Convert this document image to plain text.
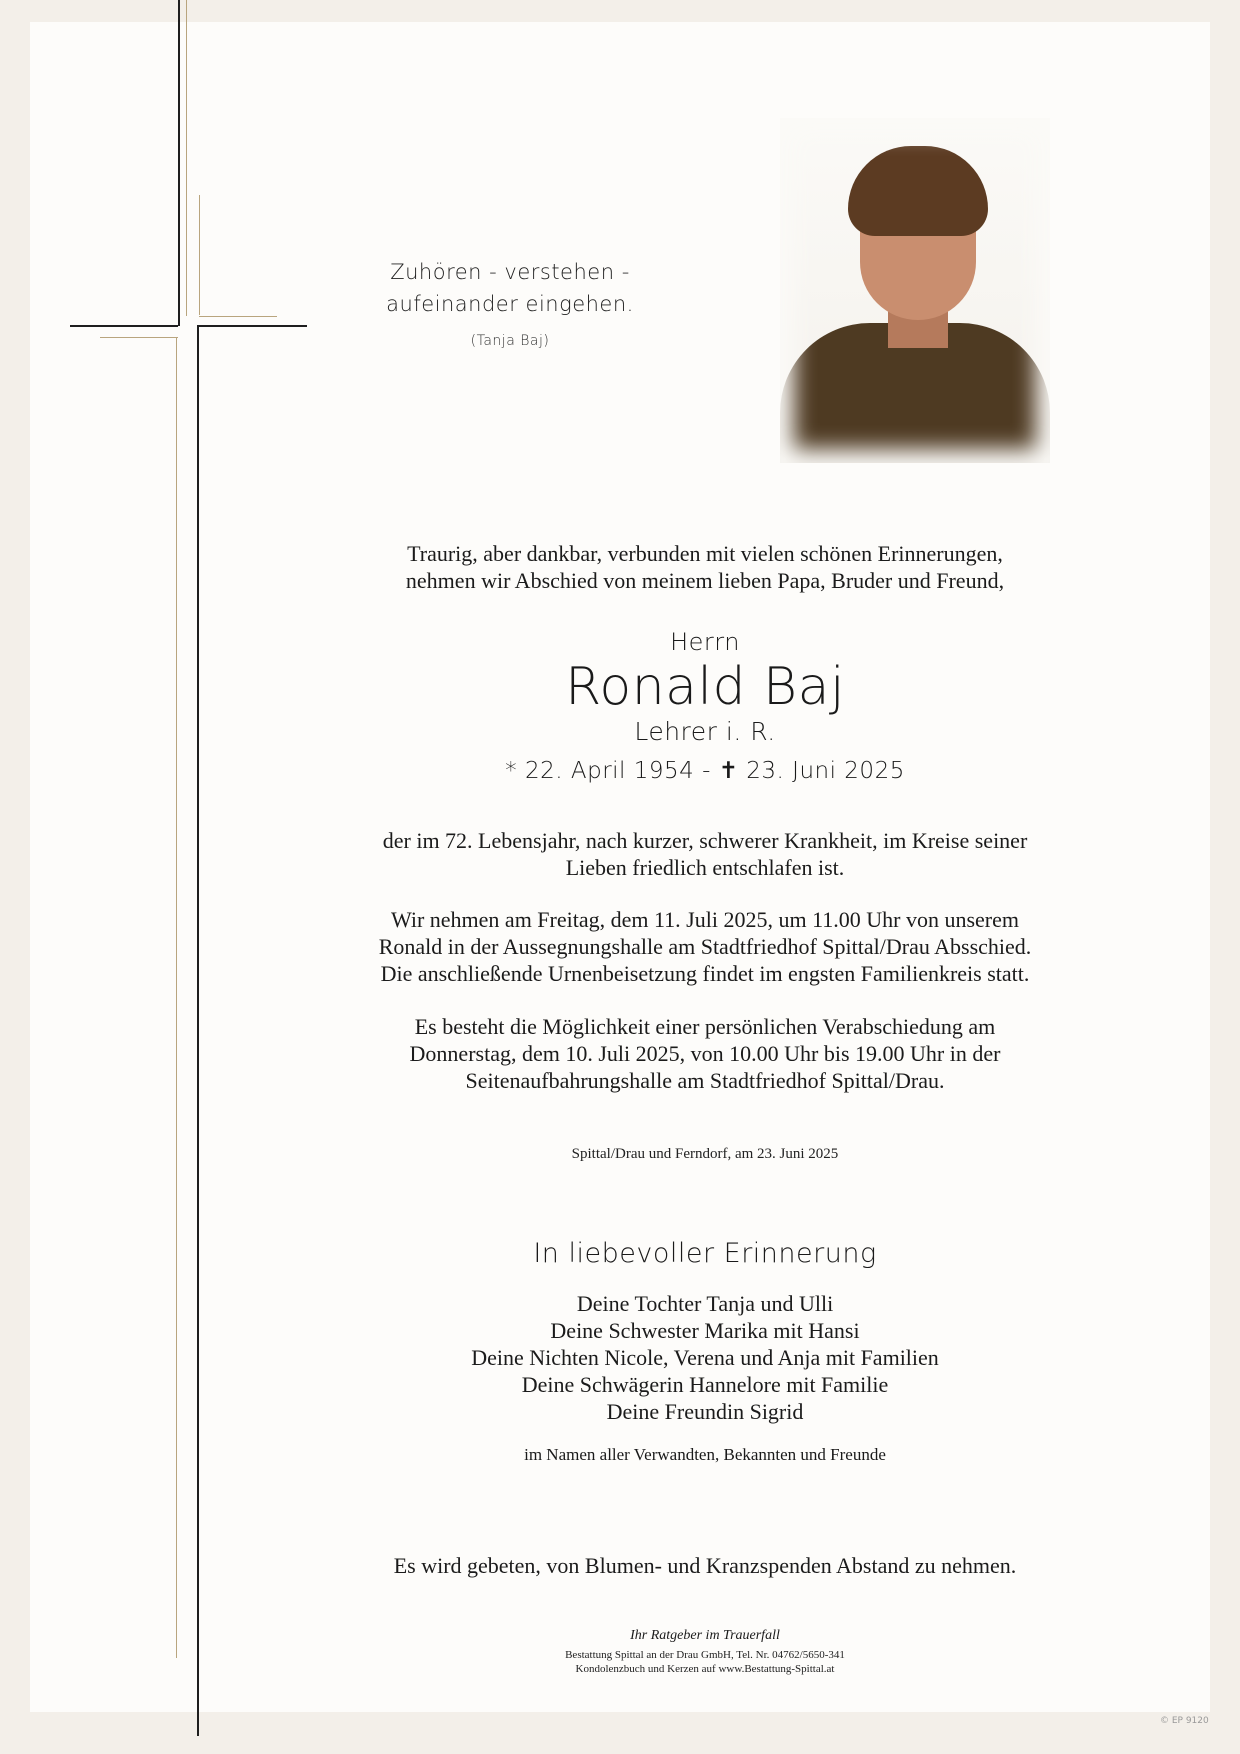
Zuhören - verstehen -
aufeinander eingehen.
(Tanja Baj)
Traurig, aber dankbar, verbunden mit vielen schönen Erinnerungen,
nehmen wir Abschied von meinem lieben Papa, Bruder und Freund,
Herrn
Ronald Baj
Lehrer i. R.
* 22. April 1954 - ✝ 23. Juni 2025
der im 72. Lebensjahr, nach kurzer, schwerer Krankheit, im Kreise seiner
Lieben friedlich entschlafen ist.
Wir nehmen am Freitag, dem 11. Juli 2025, um 11.00 Uhr von unserem
Ronald in der Aussegnungshalle am Stadtfriedhof Spittal/Drau Absschied.
Die anschließende Urnenbeisetzung findet im engsten Familienkreis statt.
Es besteht die Möglichkeit einer persönlichen Verabschiedung am
Donnerstag, dem 10. Juli 2025, von 10.00 Uhr bis 19.00 Uhr in der
Seitenaufbahrungshalle am Stadtfriedhof Spittal/Drau.
Spittal/Drau und Ferndorf, am 23. Juni 2025
In liebevoller Erinnerung
Deine Tochter Tanja und Ulli
Deine Schwester Marika mit Hansi
Deine Nichten Nicole, Verena und Anja mit Familien
Deine Schwägerin Hannelore mit Familie
Deine Freundin Sigrid
im Namen aller Verwandten, Bekannten und Freunde
Es wird gebeten, von Blumen- und Kranzspenden Abstand zu nehmen.
Ihr Ratgeber im Trauerfall
Bestattung Spittal an der Drau GmbH, Tel. Nr. 04762/5650-341
Kondolenzbuch und Kerzen auf www.Bestattung-Spittal.at
© EP 9120
